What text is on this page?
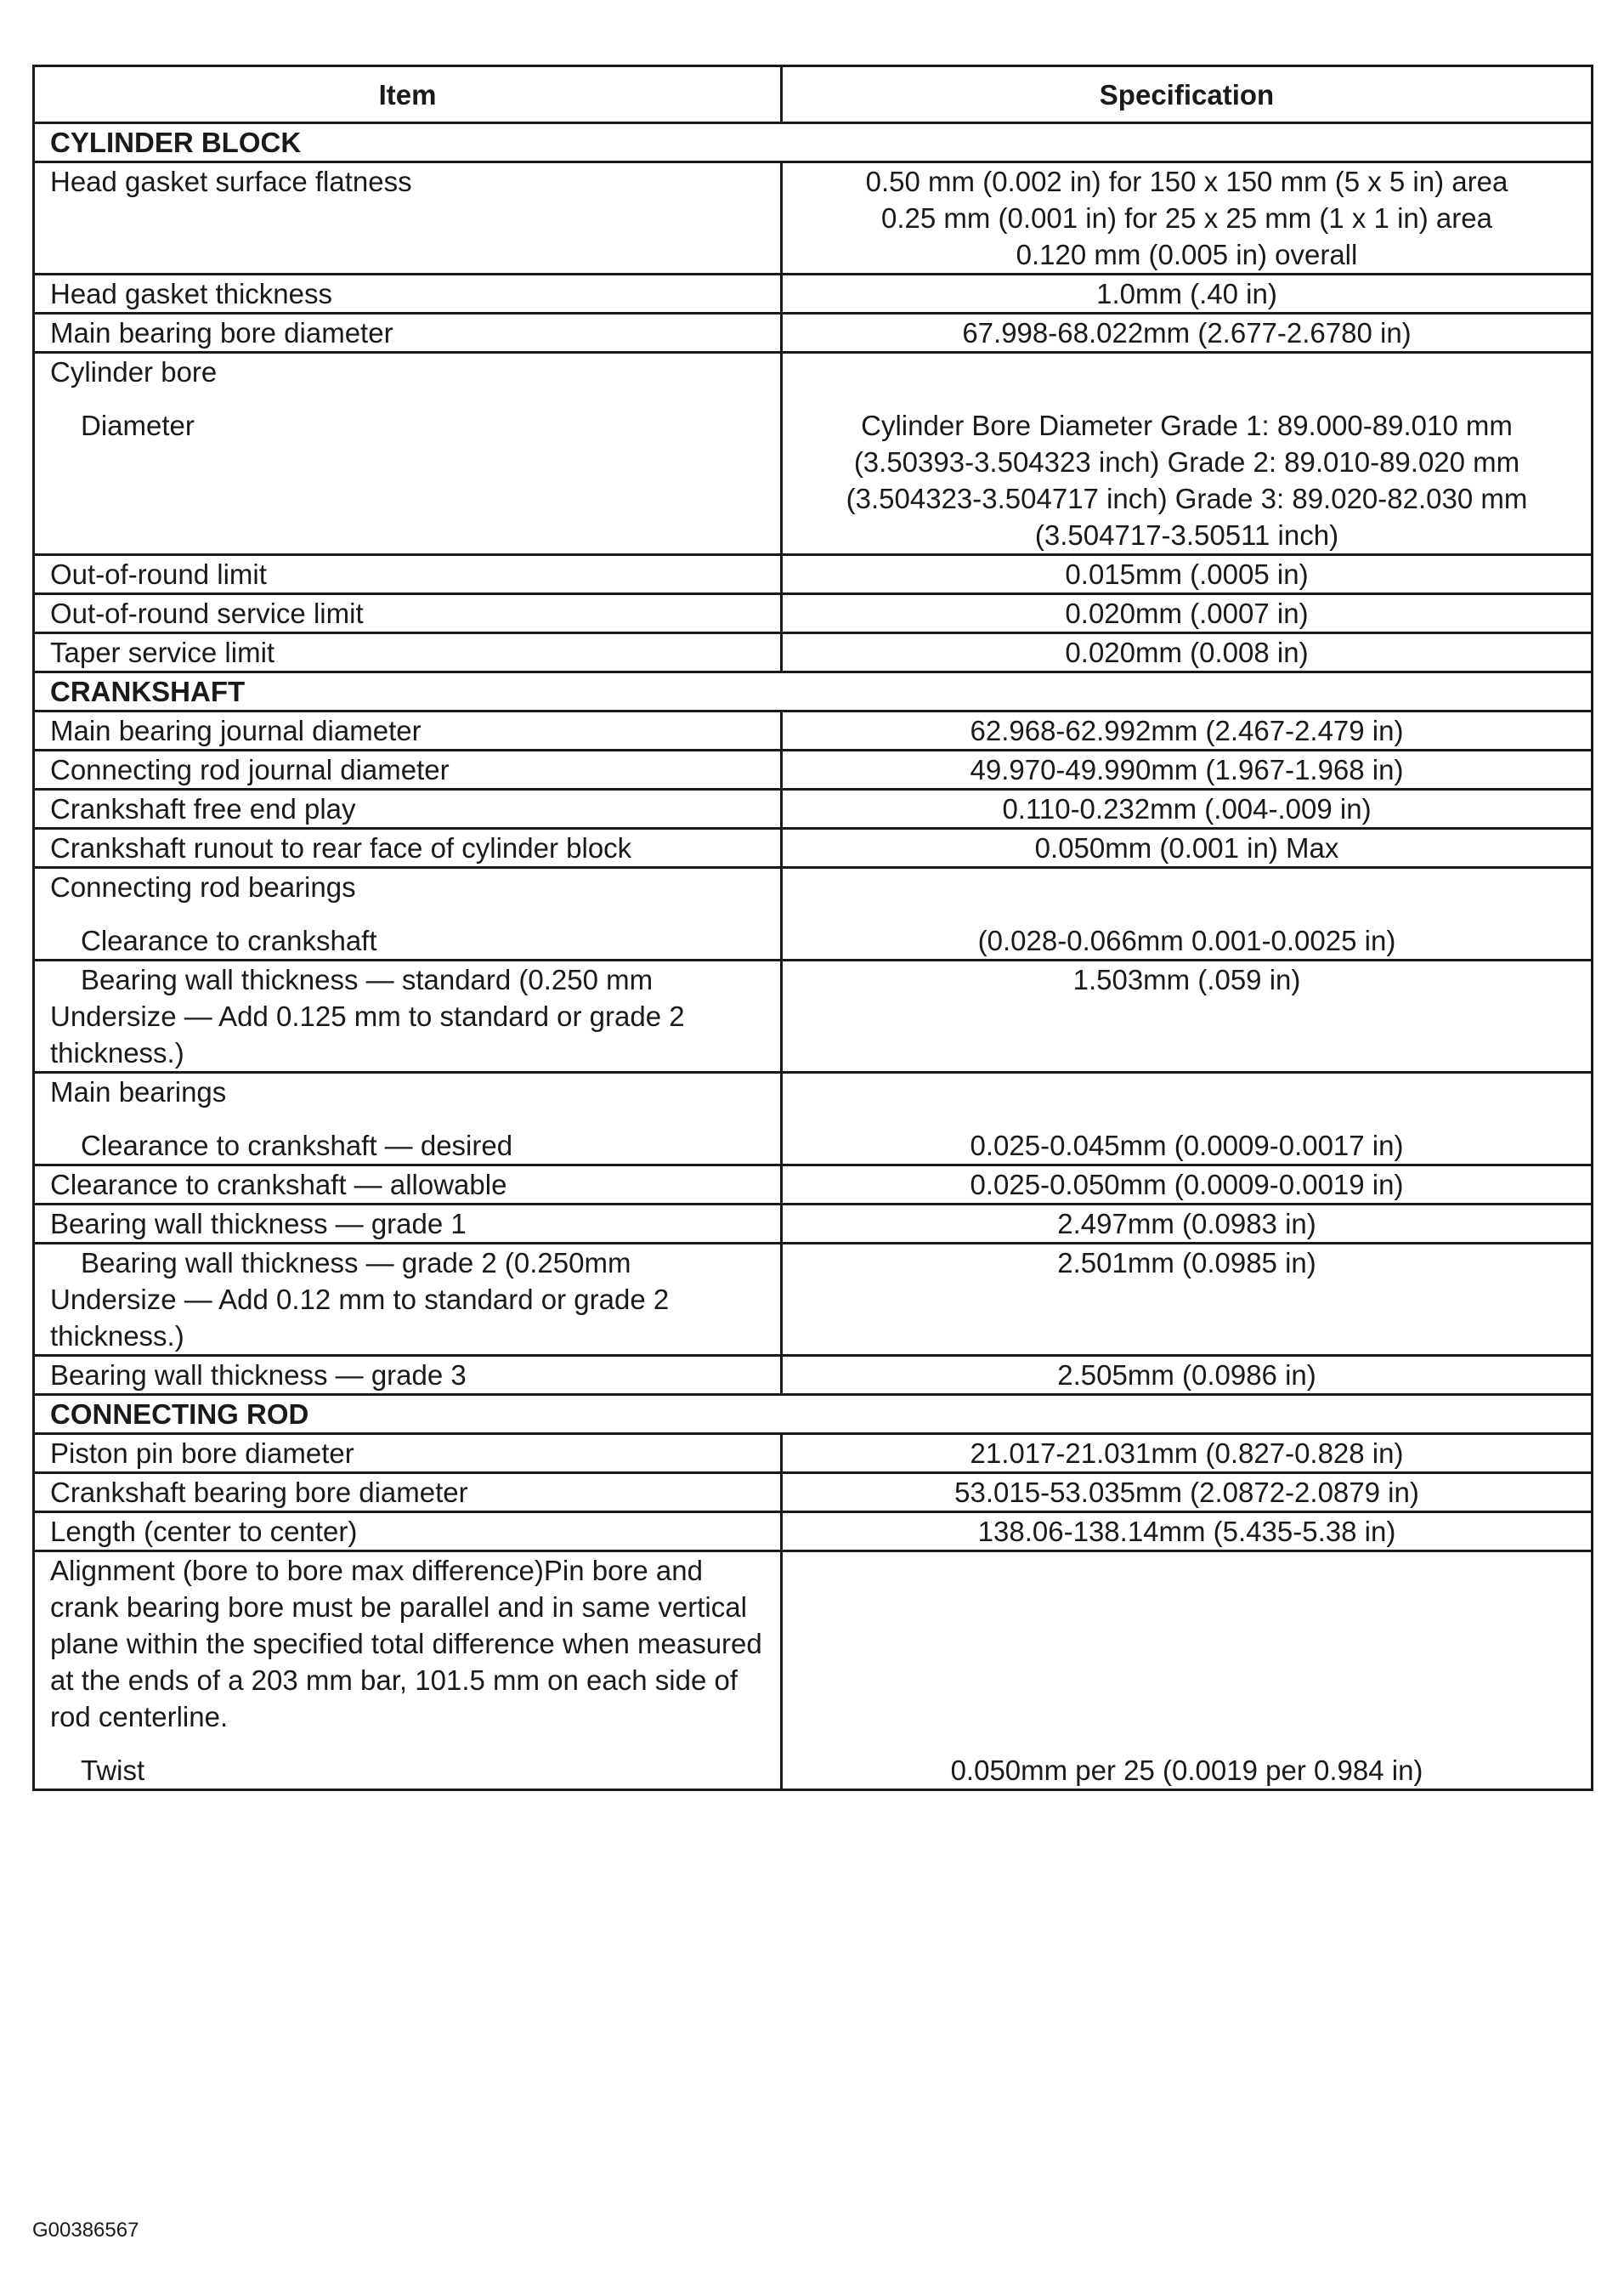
Item	Specification
CYLINDER BLOCK	
Head gasket surface flatness	0.50 mm (0.002 in) for 150 x 150 mm (5 x 5 in) area
0.25 mm (0.001 in) for 25 x 25 mm (1 x 1 in) area
0.120 mm (0.005 in) overall

Head gasket thickness	1.0mm (.40 in)
Main bearing bore diameter	67.998-68.022mm (2.677-2.6780 in)

Cylinder bore
Diameter	Cylinder Bore Diameter Grade 1: 89.000-89.010 mm (3.50393-3.504323 inch) Grade 2: 89.010-89.020 mm (3.504323-3.504717 inch) Grade 3: 89.020-82.030 mm (3.504717-3.50511 inch)

Out-of-round limit	0.015mm (.0005 in)
Out-of-round service limit	0.020mm (.0007 in)
Taper service limit	0.020mm (0.008 in)
CRANKSHAFT	
Main bearing journal diameter	62.968-62.992mm (2.467-2.479 in)
Connecting rod journal diameter	49.970-49.990mm (1.967-1.968 in)
Crankshaft free end play	0.110-0.232mm (.004-.009 in)
Crankshaft runout to rear face of cylinder block	0.050mm (0.001 in) Max

Connecting rod bearings
Clearance to crankshaft	(0.028-0.066mm 0.001-0.0025 in)

Bearing wall thickness — standard (0.250 mm
Undersize — Add 0.125 mm to standard or grade 2 thickness.)	1.503mm (.059 in)

Main bearings
Clearance to crankshaft — desired	0.025-0.045mm (0.0009-0.0017 in)

Clearance to crankshaft — allowable	0.025-0.050mm (0.0009-0.0019 in)
Bearing wall thickness — grade 1	2.497mm (0.0983 in)

Bearing wall thickness — grade 2 (0.250mm
Undersize — Add 0.12 mm to standard or grade 2 thickness.)	2.501mm (0.0985 in)
Bearing wall thickness — grade 3	2.505mm (0.0986 in)
CONNECTING ROD	
Piston pin bore diameter	21.017-21.031mm (0.827-0.828 in)
Crankshaft bearing bore diameter	53.015-53.035mm (2.0872-2.0879 in)
Length (center to center)	138.06-138.14mm (5.435-5.38 in)

Alignment (bore to bore max difference)Pin bore and crank bearing bore must be parallel and in same vertical plane within the specified total difference when measured at the ends of a 203 mm bar, 101.5 mm on each side of rod centerline.
Twist	0.050mm per 25 (0.0019 per 0.984 in)
G00386567
